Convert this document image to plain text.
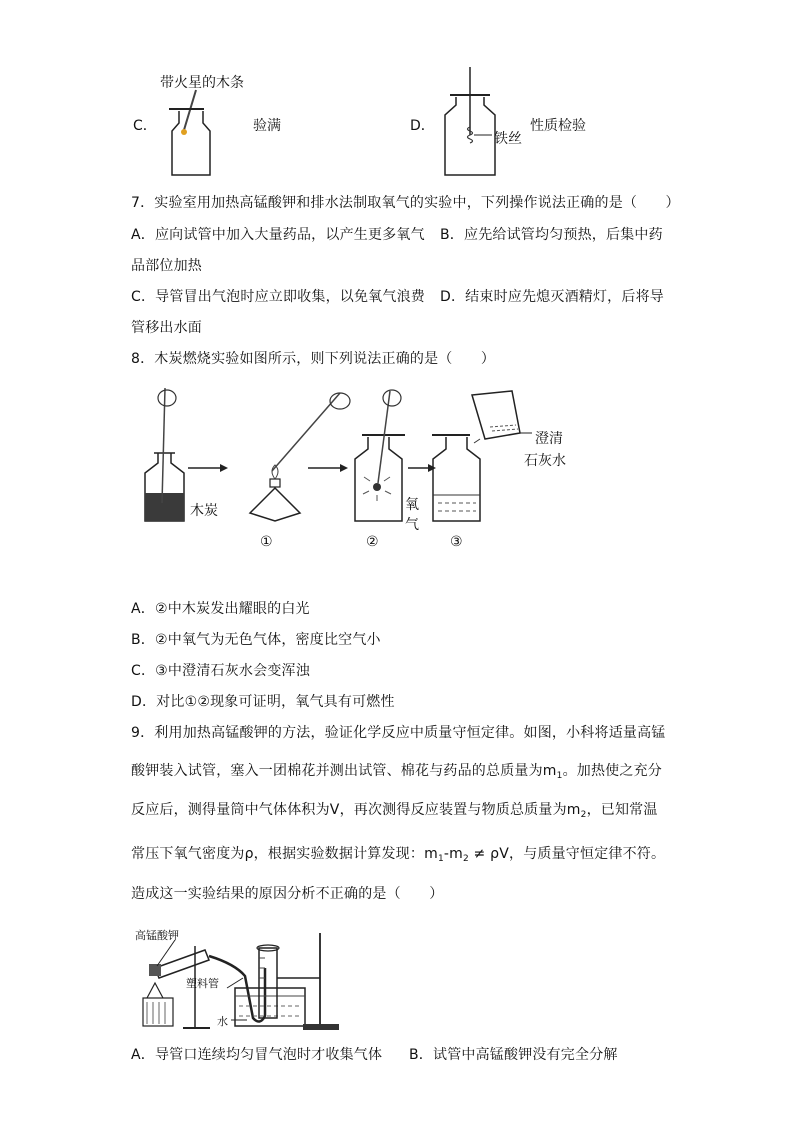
C．
带火星的木条
验满	D．
铁丝
性质检验
7．实验室用加热高锰酸钾和排水法制取氧气的实验中，下列操作说法正确的是（　　）
A．应向试管中加入大量药品，以产生更多氧气 B．应先给试管均匀预热，后集中药
品部位加热
C．导管冒出气泡时应立即收集，以免氧气浪费 D．结束时应先熄灭酒精灯，后将导
管移出水面
8．木炭燃烧实验如图所示，则下列说法正确的是（　　）
木炭	氧
气
澄清
石灰水
①	②	③
A．②中木炭发出耀眼的白光
B．②中氧气为无色气体，密度比空气小
C．③中澄清石灰水会变浑浊
D．对比①②现象可证明，氧气具有可燃性
9．利用加热高锰酸钾的方法，验证化学反应中质量守恒定律。如图，小科将适量高锰
酸钾装入试管，塞入一团棉花并测出试管、棉花与药品的总质量为$m_1$。加热使之充分
反应后，测得量筒中气体体积为V，再次测得反应装置与物质总质量为$m_2$，已知常温
常压下氧气密度为ρ，根据实验数据计算发现：$m_1-m_2 \ne \rho V$，与质量守恒定律不符。
造成这一实验结果的原因分析不正确的是（　　）
高锰酸钾
塑料管
水
A．导管口连续均匀冒气泡时才收集气体 B．试管中高锰酸钾没有完全分解
